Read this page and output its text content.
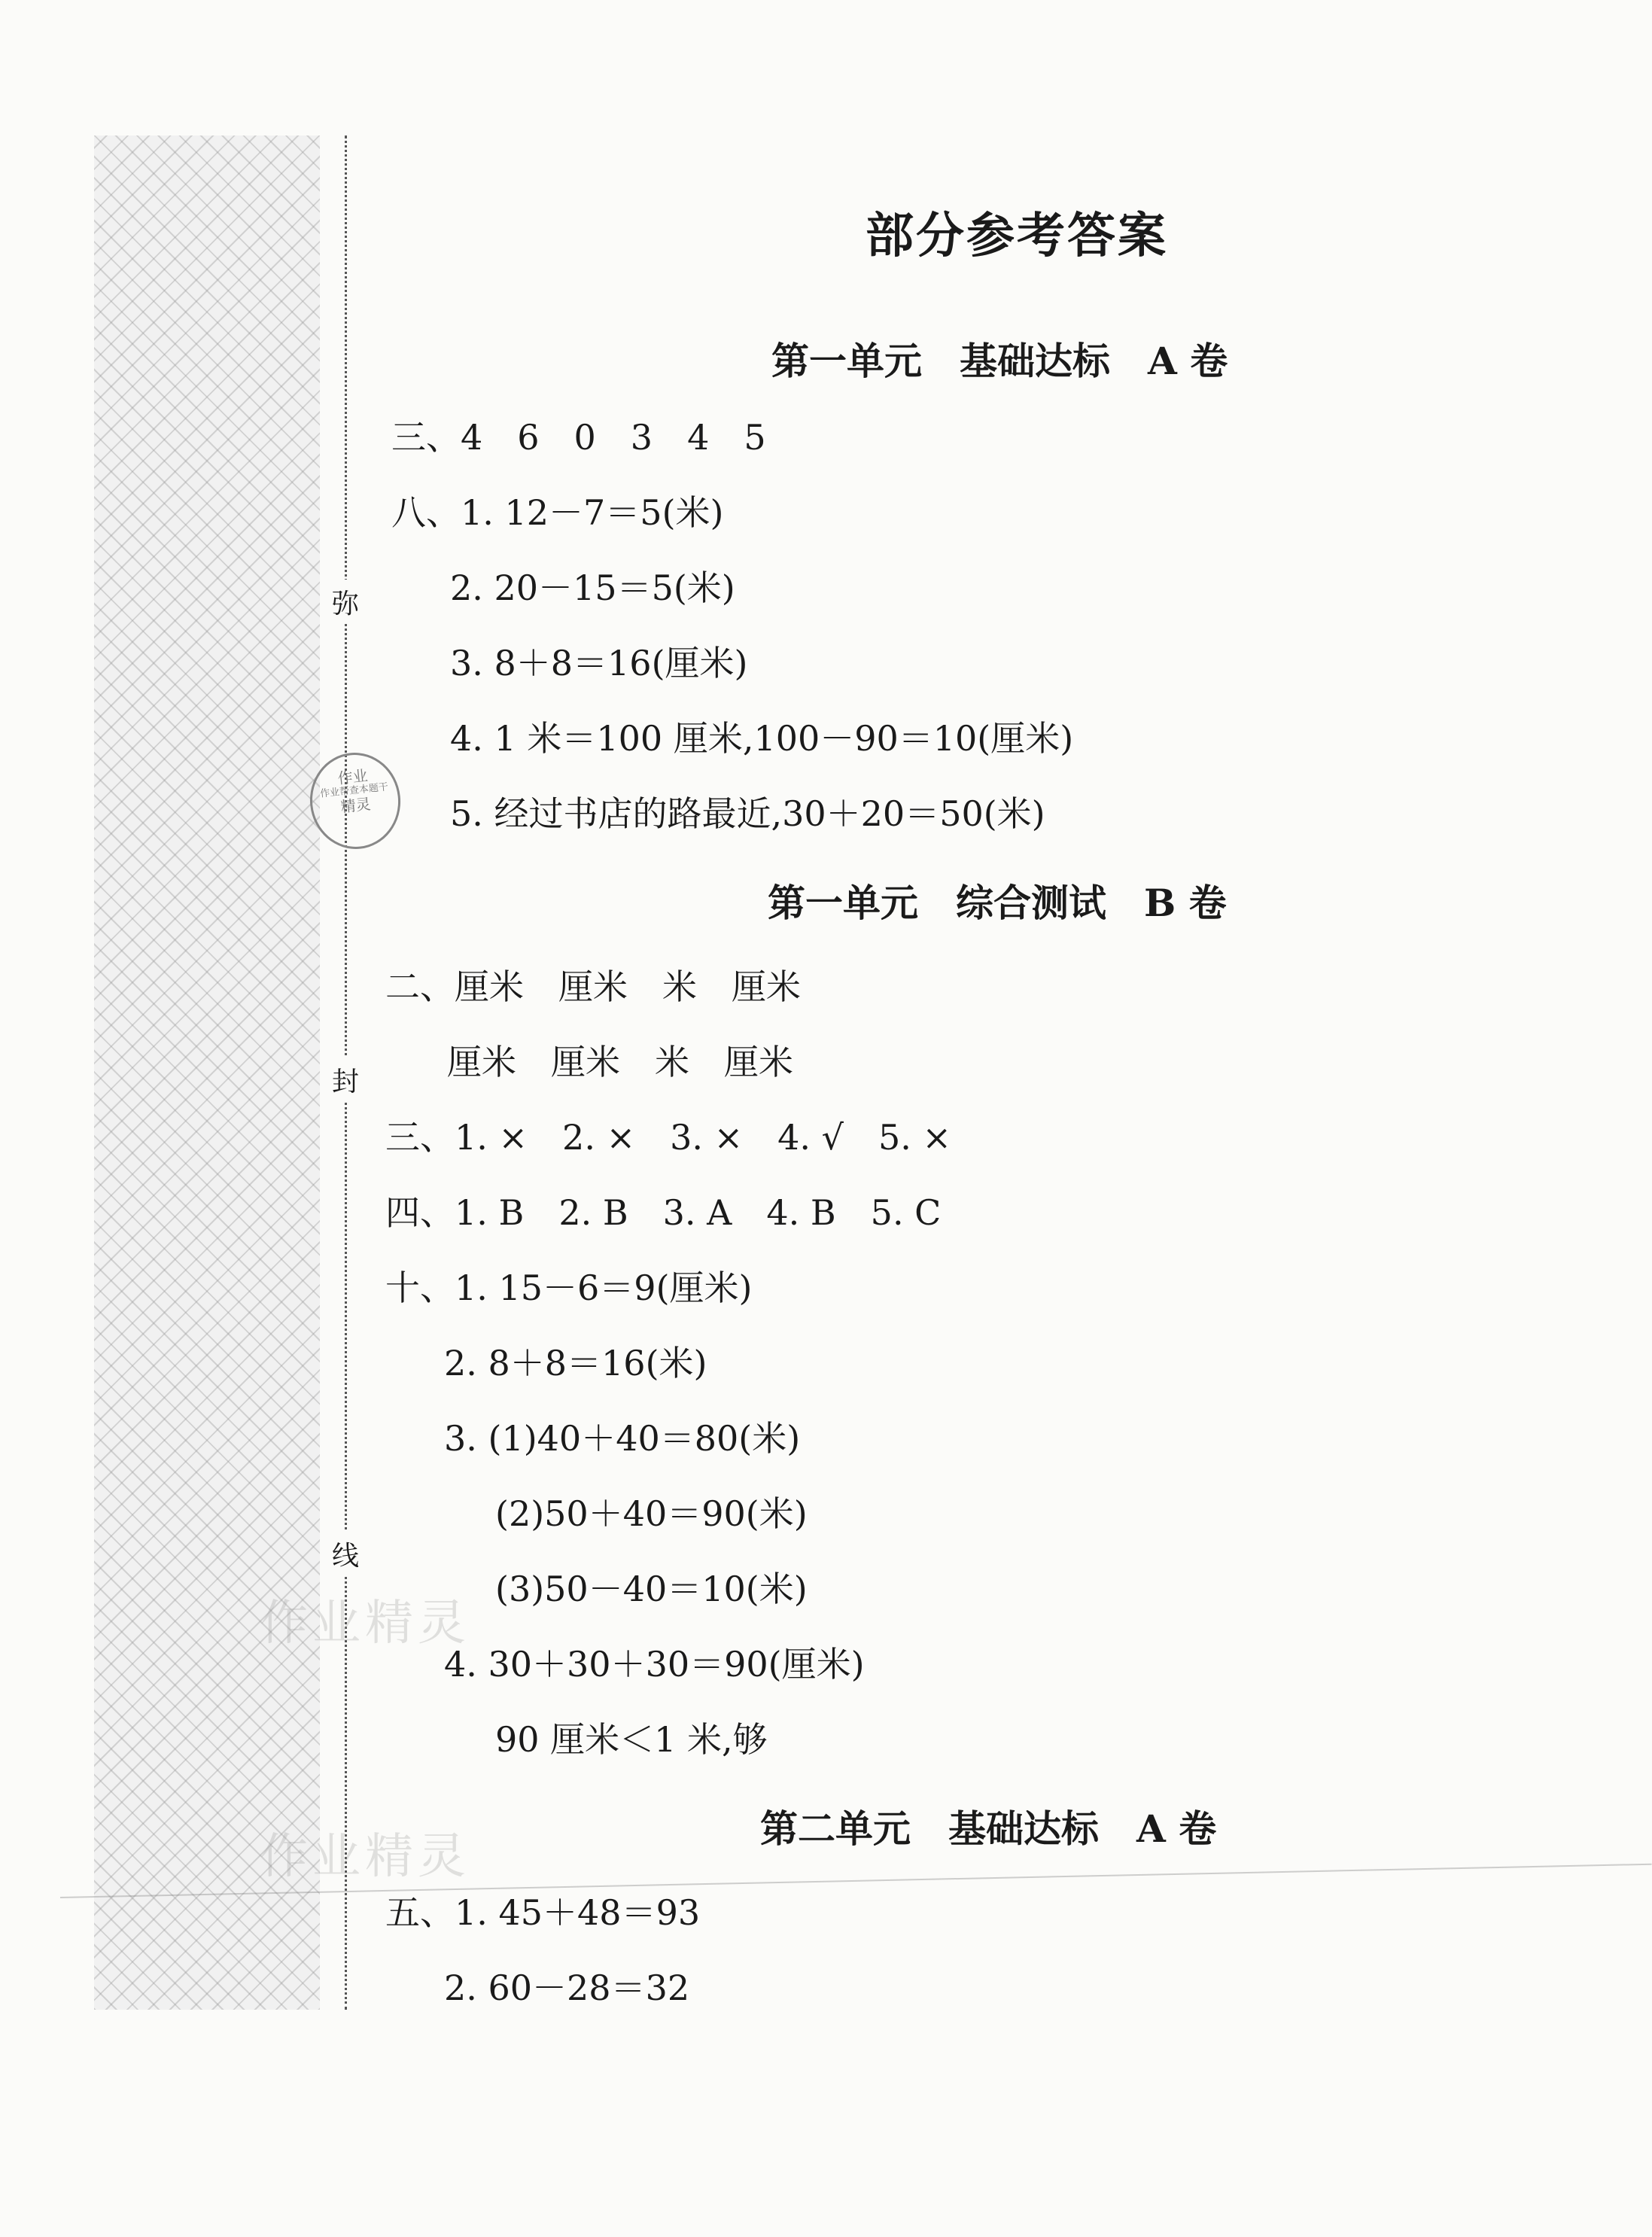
弥
封
线
作业
作业帮查本题干
精灵
作业精灵
作业精灵
部分参考答案
第一单元　基础达标　A 卷
三、4　6　0　3　4　5
八、1. 12－7＝5(米)
2. 20－15＝5(米)
3. 8＋8＝16(厘米)
4. 1 米＝100 厘米,100－90＝10(厘米)
5. 经过书店的路最近,30＋20＝50(米)
第一单元　综合测试　B 卷
二、厘米　厘米　米　厘米
厘米　厘米　米　厘米
三、1. ×　2. ×　3. ×　4. √　5. ×
四、1. B　2. B　3. A　4. B　5. C
十、1. 15－6＝9(厘米)
2. 8＋8＝16(米)
3. (1)40＋40＝80(米)
(2)50＋40＝90(米)
(3)50－40＝10(米)
4. 30＋30＋30＝90(厘米)
90 厘米＜1 米,够
第二单元　基础达标　A 卷
五、1. 45＋48＝93
2. 60－28＝32
